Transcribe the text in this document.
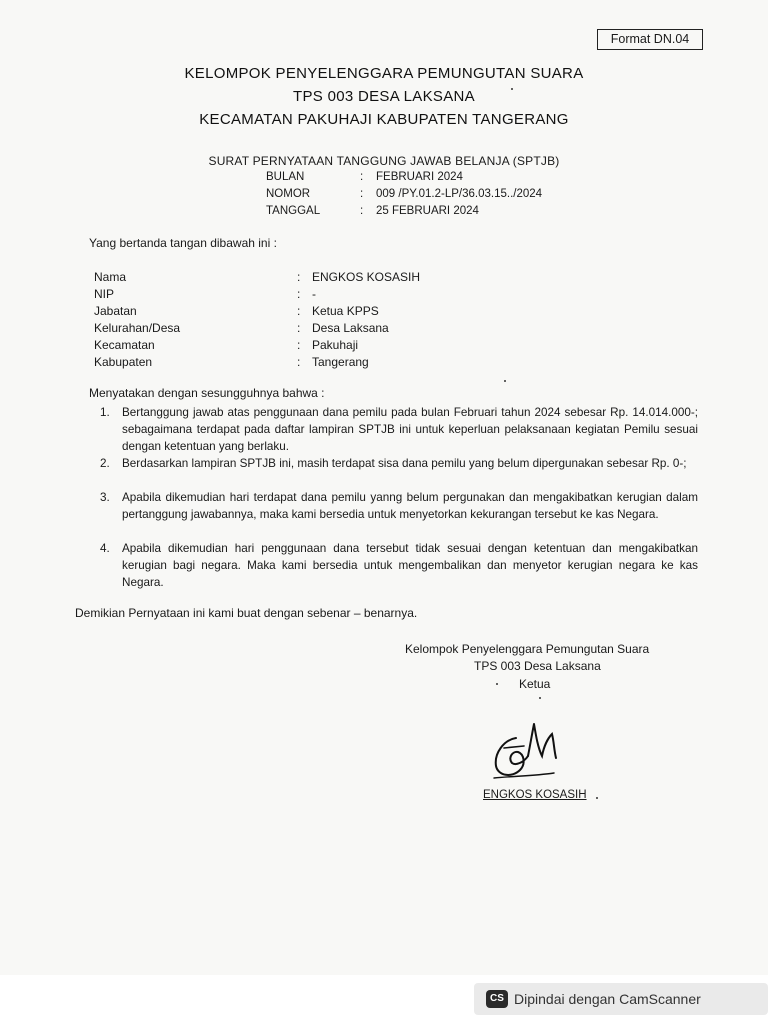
Format DN.04
KELOMPOK PENYELENGGARA PEMUNGUTAN SUARA
TPS 003 DESA LAKSANA
KECAMATAN PAKUHAJI KABUPATEN TANGERANG
SURAT PERNYATAAN TANGGUNG JAWAB BELANJA (SPTJB)
BULAN	: FEBRUARI 2024
NOMOR	: 009 /PY.01.2-LP/36.03.15../2024
TANGGAL	: 25 FEBRUARI 2024
Yang bertanda tangan dibawah ini :
Nama	: ENGKOS KOSASIH
NIP	: -
Jabatan	: Ketua KPPS
Kelurahan/Desa	: Desa Laksana
Kecamatan	: Pakuhaji
Kabupaten	: Tangerang
Menyatakan dengan sesungguhnya bahwa :
1. Bertanggung jawab atas penggunaan dana pemilu pada bulan Februari tahun 2024 sebesar Rp. 14.014.000-; sebagaimana terdapat pada daftar lampiran SPTJB ini untuk keperluan pelaksanaan kegiatan Pemilu sesuai dengan ketentuan yang berlaku.
2. Berdasarkan lampiran SPTJB ini, masih terdapat sisa dana pemilu yang belum dipergunakan sebesar Rp. 0-;
3. Apabila dikemudian hari terdapat dana pemilu yanng belum pergunakan dan mengakibatkan kerugian dalam pertanggung jawabannya, maka kami bersedia untuk menyetorkan kekurangan tersebut ke kas Negara.
4. Apabila dikemudian hari penggunaan dana tersebut tidak sesuai dengan ketentuan dan mengakibatkan kerugian bagi negara. Maka kami bersedia untuk mengembalikan dan menyetor kerugian negara ke kas Negara.
Demikian Pernyataan ini kami buat dengan sebenar – benarnya.
Kelompok Penyelenggara Pemungutan Suara
TPS 003 Desa Laksana
Ketua
ENGKOS KOSASIH
CS Dipindai dengan CamScanner
